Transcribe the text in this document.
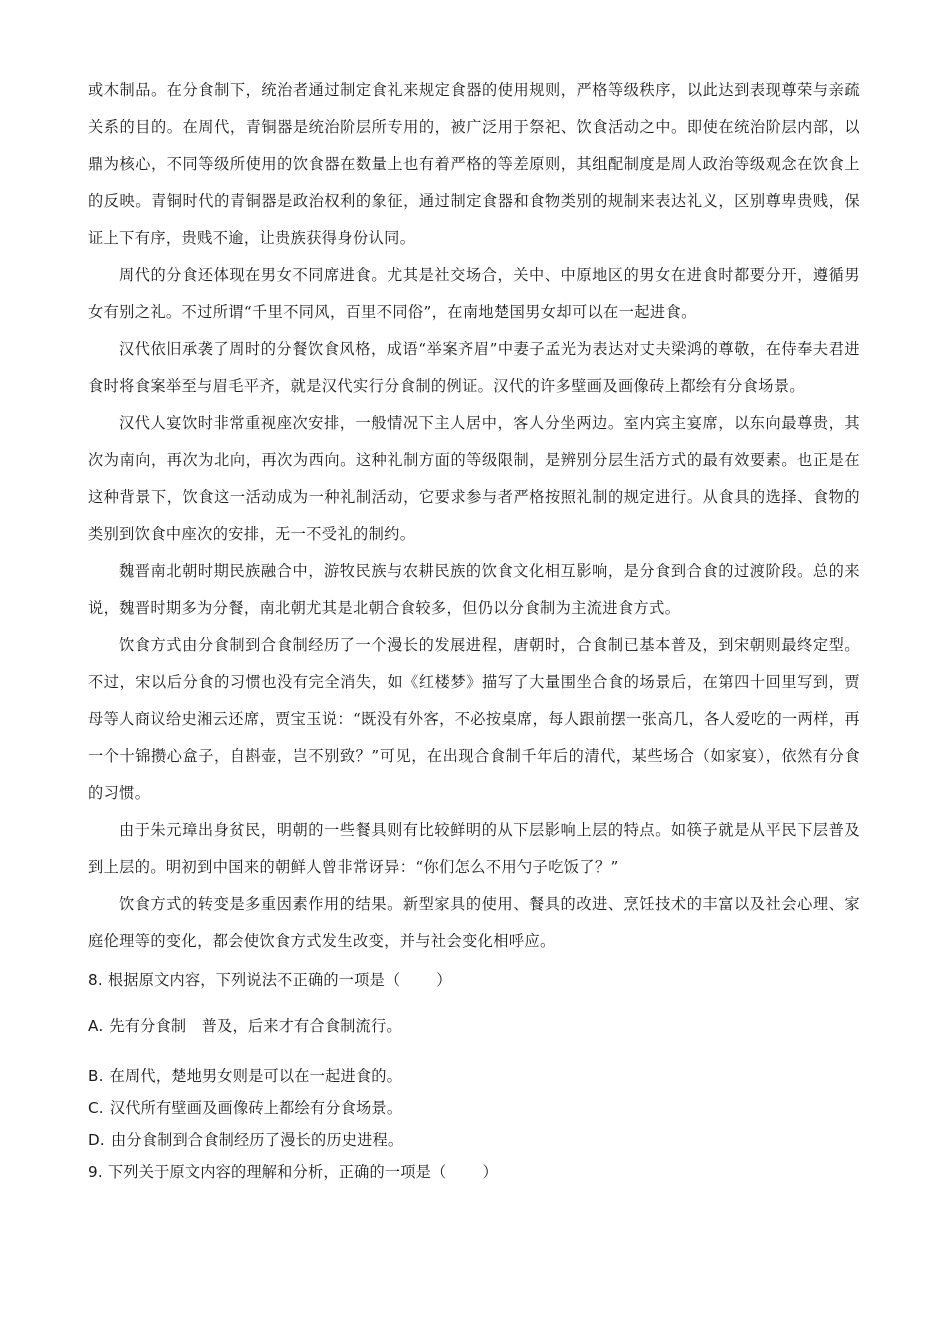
或木制品。在分食制下，统治者通过制定食礼来规定食器的使用规则，严格等级秩序，以此达到表现尊荣与亲疏关系的目的。在周代，青铜器是统治阶层所专用的，被广泛用于祭祀、饮食活动之中。即使在统治阶层内部，以鼎为核心，不同等级所使用的饮食器在数量上也有着严格的等差原则，其组配制度是周人政治等级观念在饮食上的反映。青铜时代的青铜器是政治权利的象征，通过制定食器和食物类别的规制来表达礼义，区别尊卑贵贱，保证上下有序，贵贱不逾，让贵族获得身份认同。

周代的分食还体现在男女不同席进食。尤其是社交场合，关中、中原地区的男女在进食时都要分开，遵循男女有别之礼。不过所谓“千里不同风，百里不同俗”，在南地楚国男女却可以在一起进食。

汉代依旧承袭了周时的分餐饮食风格，成语“举案齐眉”中妻子孟光为表达对丈夫梁鸿的尊敬，在侍奉夫君进食时将食案举至与眉毛平齐，就是汉代实行分食制的例证。汉代的许多壁画及画像砖上都绘有分食场景。

汉代人宴饮时非常重视座次安排，一般情况下主人居中，客人分坐两边。室内宾主宴席，以东向最尊贵，其次为南向，再次为北向，再次为西向。这种礼制方面的等级限制，是辨别分层生活方式的最有效要素。也正是在这种背景下，饮食这一活动成为一种礼制活动，它要求参与者严格按照礼制的规定进行。从食具的选择、食物的类别到饮食中座次的安排，无一不受礼的制约。

魏晋南北朝时期民族融合中，游牧民族与农耕民族的饮食文化相互影响，是分食到合食的过渡阶段。总的来说，魏晋时期多为分餐，南北朝尤其是北朝合食较多，但仍以分食制为主流进食方式。

饮食方式由分食制到合食制经历了一个漫长的发展进程，唐朝时，合食制已基本普及，到宋朝则最终定型。不过，宋以后分食的习惯也没有完全消失，如《红楼梦》描写了大量围坐合食的场景后，在第四十回里写到，贾母等人商议给史湘云还席，贾宝玉说：“既没有外客，不必按桌席，每人跟前摆一张高几，各人爱吃的一两样，再一个十锦攒心盒子，自斟壶，岂不别致？”可见，在出现合食制千年后的清代，某些场合（如家宴），依然有分食的习惯。

由于朱元璋出身贫民，明朝的一些餐具则有比较鲜明的从下层影响上层的特点。如筷子就是从平民下层普及到上层的。明初到中国来的朝鲜人曾非常讶异：“你们怎么不用勺子吃饭了？”

饮食方式的转变是多重因素作用的结果。新型家具的使用、餐具的改进、烹饪技术的丰富以及社会心理、家庭伦理等的变化，都会使饮食方式发生改变，并与社会变化相呼应。

8. 根据原文内容，下列说法不正确的一项是（ ）

A. 先有分食制　普及，后来才有合食制流行。

B. 在周代，楚地男女则是可以在一起进食的。

C. 汉代所有壁画及画像砖上都绘有分食场景。

D. 由分食制到合食制经历了漫长的历史进程。

9. 下列关于原文内容的理解和分析，正确的一项是（ ）
